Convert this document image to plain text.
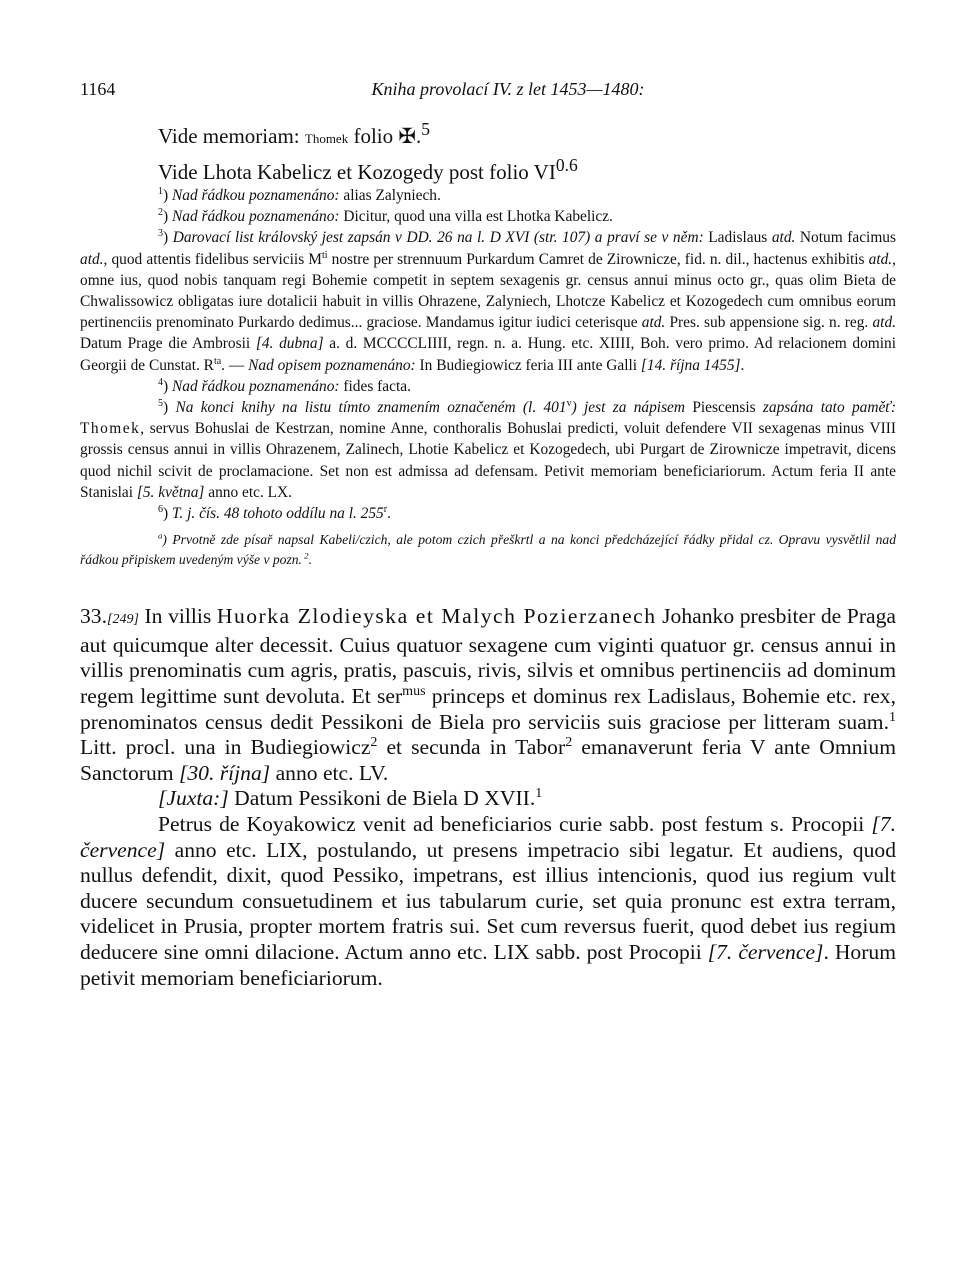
1164	Kniha provolací IV. z let 1453—1480:
Vide memoriam: Thomek folio ✠.$^5$
Vide Lhota Kabelicz et Kozogedy post folio $VI^{0.6}$

$^1$) Nad řádkou poznamenáno: alias Zalyniech.

$^2$) Nad řádkou poznamenáno: Dicitur, quod una villa est Lhotka Kabelicz.

$^3$) Darovací list královský jest zapsán v DD. 26 na l. D XVI (str. 107) a praví se v něm: Ladislaus atd. Notum facimus atd., quod attentis fidelibus serviciis $M^{ti}$ nostre per strennuum Purkardum Camret de Zirownicze, fid. n. dil., hactenus exhibitis atd., omne ius, quod nobis tanquam regi Bohemie competit in septem sexagenis gr. census annui minus octo gr., quas olim Bieta de Chwalissowicz obligatas iure dotalicii habuit in villis Ohrazene, Zalyniech, Lhotcze Kabelicz et Kozogedech cum omnibus eorum pertinenciis prenominato Purkardo dedimus... graciose. Mandamus igitur iudici ceterisque atd. Pres. sub appensione sig. n. reg. atd. Datum Prage die Ambrosii [4. dubna] a. d. MCCCCLIIII, regn. n. a. Hung. etc. XIIII, Boh. vero primo. Ad relacionem domini Georgii de Cunstat. $R^{ta}$. — Nad opisem poznamenáno: In Budiegiowicz feria III ante Galli [14. října 1455].

$^4$) Nad řádkou poznamenáno: fides facta.

$^5$) Na konci knihy na listu tímto znamením označeném (l. 401$^v$) jest za nápisem Piescensis zapsána tato paměť: Thomek, servus Bohuslai de Kestrzan, nomine Anne, conthoralis Bohuslai predicti, voluit defendere VII sexagenas minus VIII grossis census annui in villis Ohrazenem, Zalinech, Lhotie Kabelicz et Kozogedech, ubi Purgart de Zirownicze impetravit, dicens quod nichil scivit de proclamacione. Set non est admissa ad defensam. Petivit memoriam beneficiariorum. Actum feria II ante Stanislai [5. května] anno etc. LX.

$^6$) T. j. čís. 48 tohoto oddílu na l. 255$^r$.

$^a$) Prvotně zde písař napsal Kabeli/czich, ale potom czich přeškrtl a na konci předcházející řádky přidal cz. Opravu vysvětlil nad řádkou připiskem uvedeným výše v pozn. $^2$.

33.[249] In villis Huorka Zlodieyska et Malych Pozierzanech Johanko presbiter de Praga aut quicumque alter decessit. Cuius quatuor sexagene cum viginti quatuor gr. census annui in villis prenominatis cum agris, pratis, pascuis, rivis, silvis et omnibus pertinenciis ad dominum regem legittime sunt devoluta. Et ser$^{mus}$ princeps et dominus rex Ladislaus, Bohemie etc. rex, prenominatos census dedit Pessikoni de Biela pro serviciis suis graciose per litteram suam.$^1$ Litt. procl. una in Budiegiowicz$^2$ et secunda in Tabor$^2$ emanaverunt feria V ante Omnium Sanctorum [30. října] anno etc. LV.

[Juxta:] Datum Pessikoni de Biela D XVII.$^1$

Petrus de Koyakowicz venit ad beneficiarios curie sabb. post festum s. Procopii [7. července] anno etc. LIX, postulando, ut presens impetracio sibi legatur. Et audiens, quod nullus defendit, dixit, quod Pessiko, impetrans, est illius intencionis, quod ius regium vult ducere secundum consuetudinem et ius tabularum curie, set quia pronunc est extra terram, videlicet in Prusia, propter mortem fratris sui. Set cum reversus fuerit, quod debet ius regium deducere sine omni dilacione. Actum anno etc. LIX sabb. post Procopii [7. července]. Horum petivit memoriam beneficiariorum.
